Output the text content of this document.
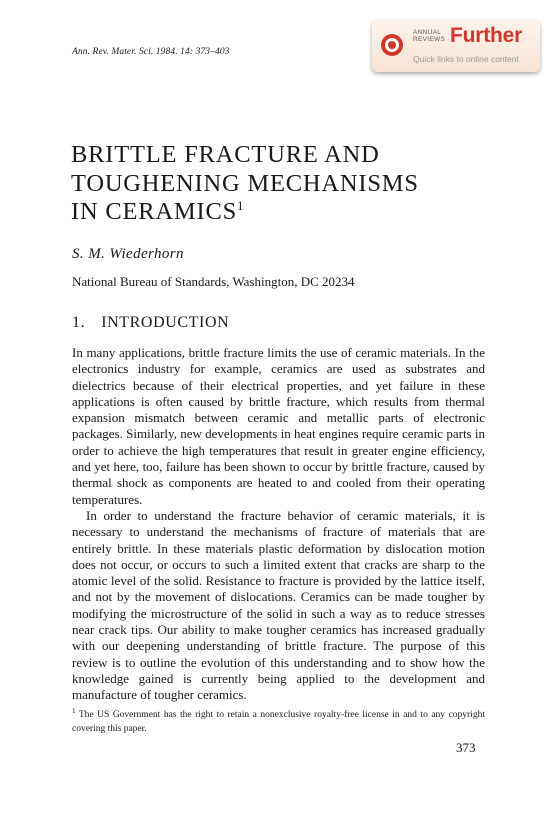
Ann. Rev. Mater. Sci. 1984. 14: 373–403
ANNUAL
REVIEWS Further
Quick links to online content
BRITTLE FRACTURE AND
TOUGHENING MECHANISMS
IN CERAMICS$^1$
S. M. Wiederhorn
National Bureau of Standards, Washington, DC 20234
1. INTRODUCTION

In many applications, brittle fracture limits the use of ceramic materials. In the electronics industry for example, ceramics are used as substrates and dielectrics because of their electrical properties, and yet failure in these applications is often caused by brittle fracture, which results from thermal expansion mismatch between ceramic and metallic parts of electronic packages. Similarly, new developments in heat engines require ceramic parts in order to achieve the high temperatures that result in greater engine efficiency, and yet here, too, failure has been shown to occur by brittle fracture, caused by thermal shock as components are heated to and cooled from their operating temperatures.

In order to understand the fracture behavior of ceramic materials, it is necessary to understand the mechanisms of fracture of materials that are entirely brittle. In these materials plastic deformation by dislocation motion does not occur, or occurs to such a limited extent that cracks are sharp to the atomic level of the solid. Resistance to fracture is provided by the lattice itself, and not by the movement of dislocations. Ceramics can be made tougher by modifying the microstructure of the solid in such a way as to reduce stresses near crack tips. Our ability to make tougher ceramics has increased gradually with our deepening understanding of brittle fracture. The purpose of this review is to outline the evolution of this understanding and to show how the knowledge gained is currently being applied to the development and manufacture of tougher ceramics.

$^1$ The US Government has the right to retain a nonexclusive royalty-free license in and to any copyright covering this paper.
373
